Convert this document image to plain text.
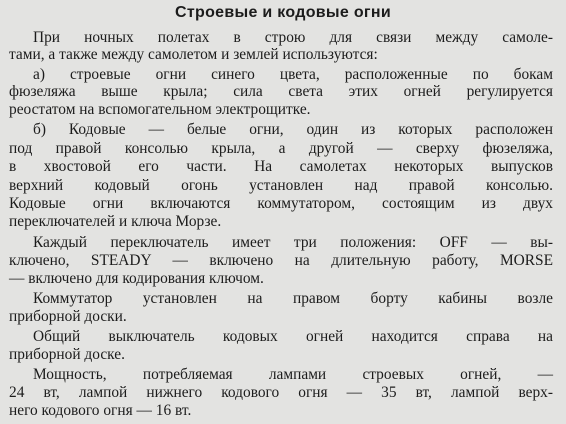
Строевые и кодовые огни
При ночных полетах в строю для связи между самоле-
тами, а также между самолетом и землей используются:
а) строевые огни синего цвета, расположенные по бокам
фюзеляжа выше крыла; сила света этих огней регулируется
реостатом на вспомогательном электрощитке.
б) Кодовые — белые огни, один из которых расположен
под правой консолью крыла, а другой — сверху фюзеляжа,
в хвостовой его части. На самолетах некоторых выпусков
верхний кодовый огонь установлен над правой консолью.
Кодовые огни включаются коммутатором, состоящим из двух
переключателей и ключа Морзе.
Каждый переключатель имеет три положения: OFF — вы-
ключено, STEADY — включено на длительную работу, MORSE
— включено для кодирования ключом.
Коммутатор установлен на правом борту кабины возле
приборной доски.
Общий выключатель кодовых огней находится справа на
приборной доске.
Мощность, потребляемая лампами строевых огней, —
24 вт, лампой нижнего кодового огня — 35 вт, лампой верх-
него кодового огня — 16 вт.
